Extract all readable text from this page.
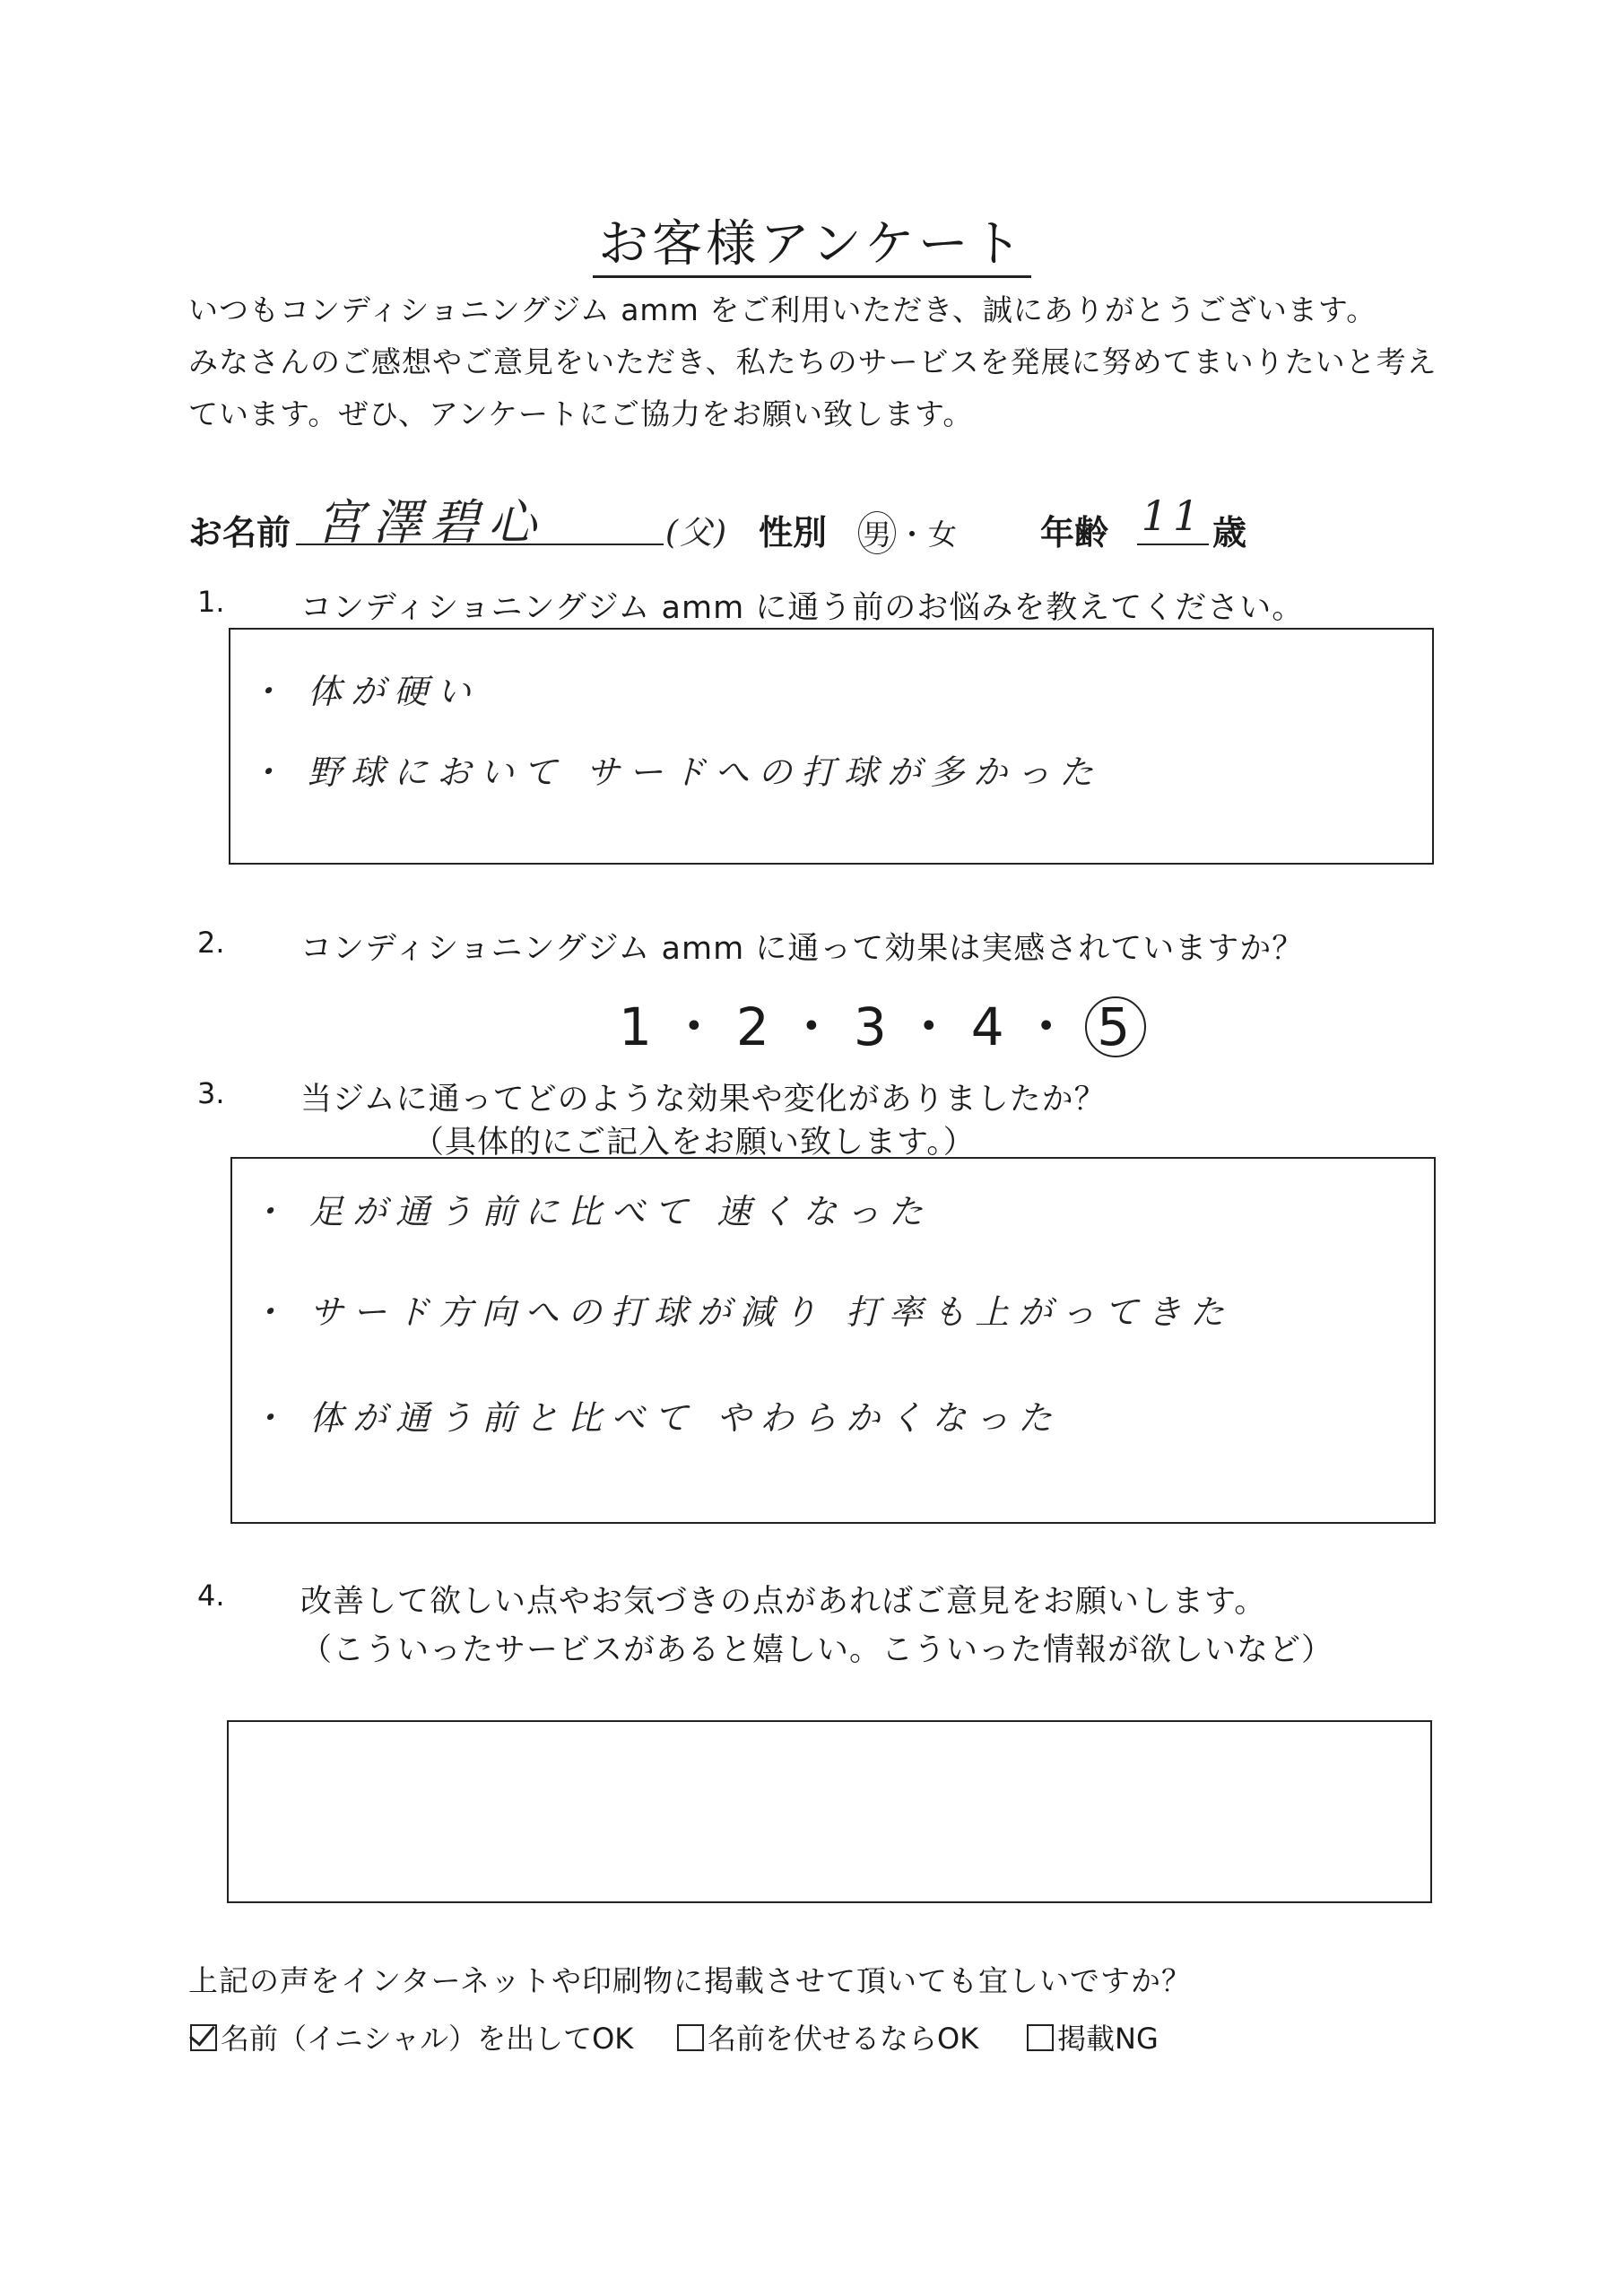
お客様アンケート
いつもコンディショニングジム amm をご利用いただき、誠にありがとうございます。
みなさんのご感想やご意見をいただき、私たちのサービスを発展に努めてまいりたいと考え
ています。ぜひ、アンケートにご協力をお願い致します。
お名前 宮澤碧心	(父) 性別 男 ・女 年齢 11 歳
1. コンディショニングジム amm に通う前のお悩みを教えてください。
・ 体が硬い
・ 野球において サードへの打球が多かった
2. コンディショニングジム amm に通って効果は実感されていますか？
1 ・ 2 ・ 3 ・ 4 ・ 5
3. 当ジムに通ってどのような効果や変化がありましたか？
（具体的にご記入をお願い致します。）
・ 足が通う前に比べて 速くなった
・ サード方向への打球が減り 打率も上がってきた
・ 体が通う前と比べて やわらかくなった
4. 改善して欲しい点やお気づきの点があればご意見をお願いします。
（こういったサービスがあると嬉しい。こういった情報が欲しいなど）
上記の声をインターネットや印刷物に掲載させて頂いても宜しいですか？
名前（イニシャル）を出してOK	名前を伏せるならOK	掲載NG
